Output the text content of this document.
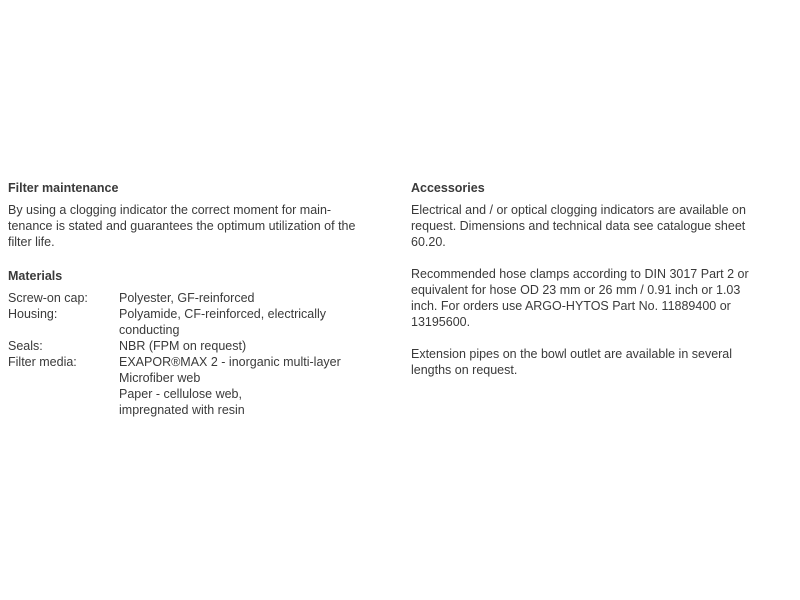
Filter maintenance

By using a clogging indicator the correct moment for main-
tenance is stated and guarantees the optimum utilization of the
filter life.

Materials
Screw-on cap:	Polyester, GF-reinforced
Housing:	Polyamide, CF-reinforced, electrically
conducting
Seals:	NBR (FPM on request)
Filter media:	EXAPOR®MAX 2 - inorganic multi-layer
Microfiber web
Paper - cellulose web,
impregnated with resin
Accessories

Electrical and / or optical clogging indicators are available on
request. Dimensions and technical data see catalogue sheet
60.20.

Recommended hose clamps according to DIN 3017 Part 2 or
equivalent for hose OD 23 mm or 26 mm / 0.91 inch or 1.03
inch. For orders use ARGO-HYTOS Part No. 11889400 or
13195600.

Extension pipes on the bowl outlet are available in several
lengths on request.
